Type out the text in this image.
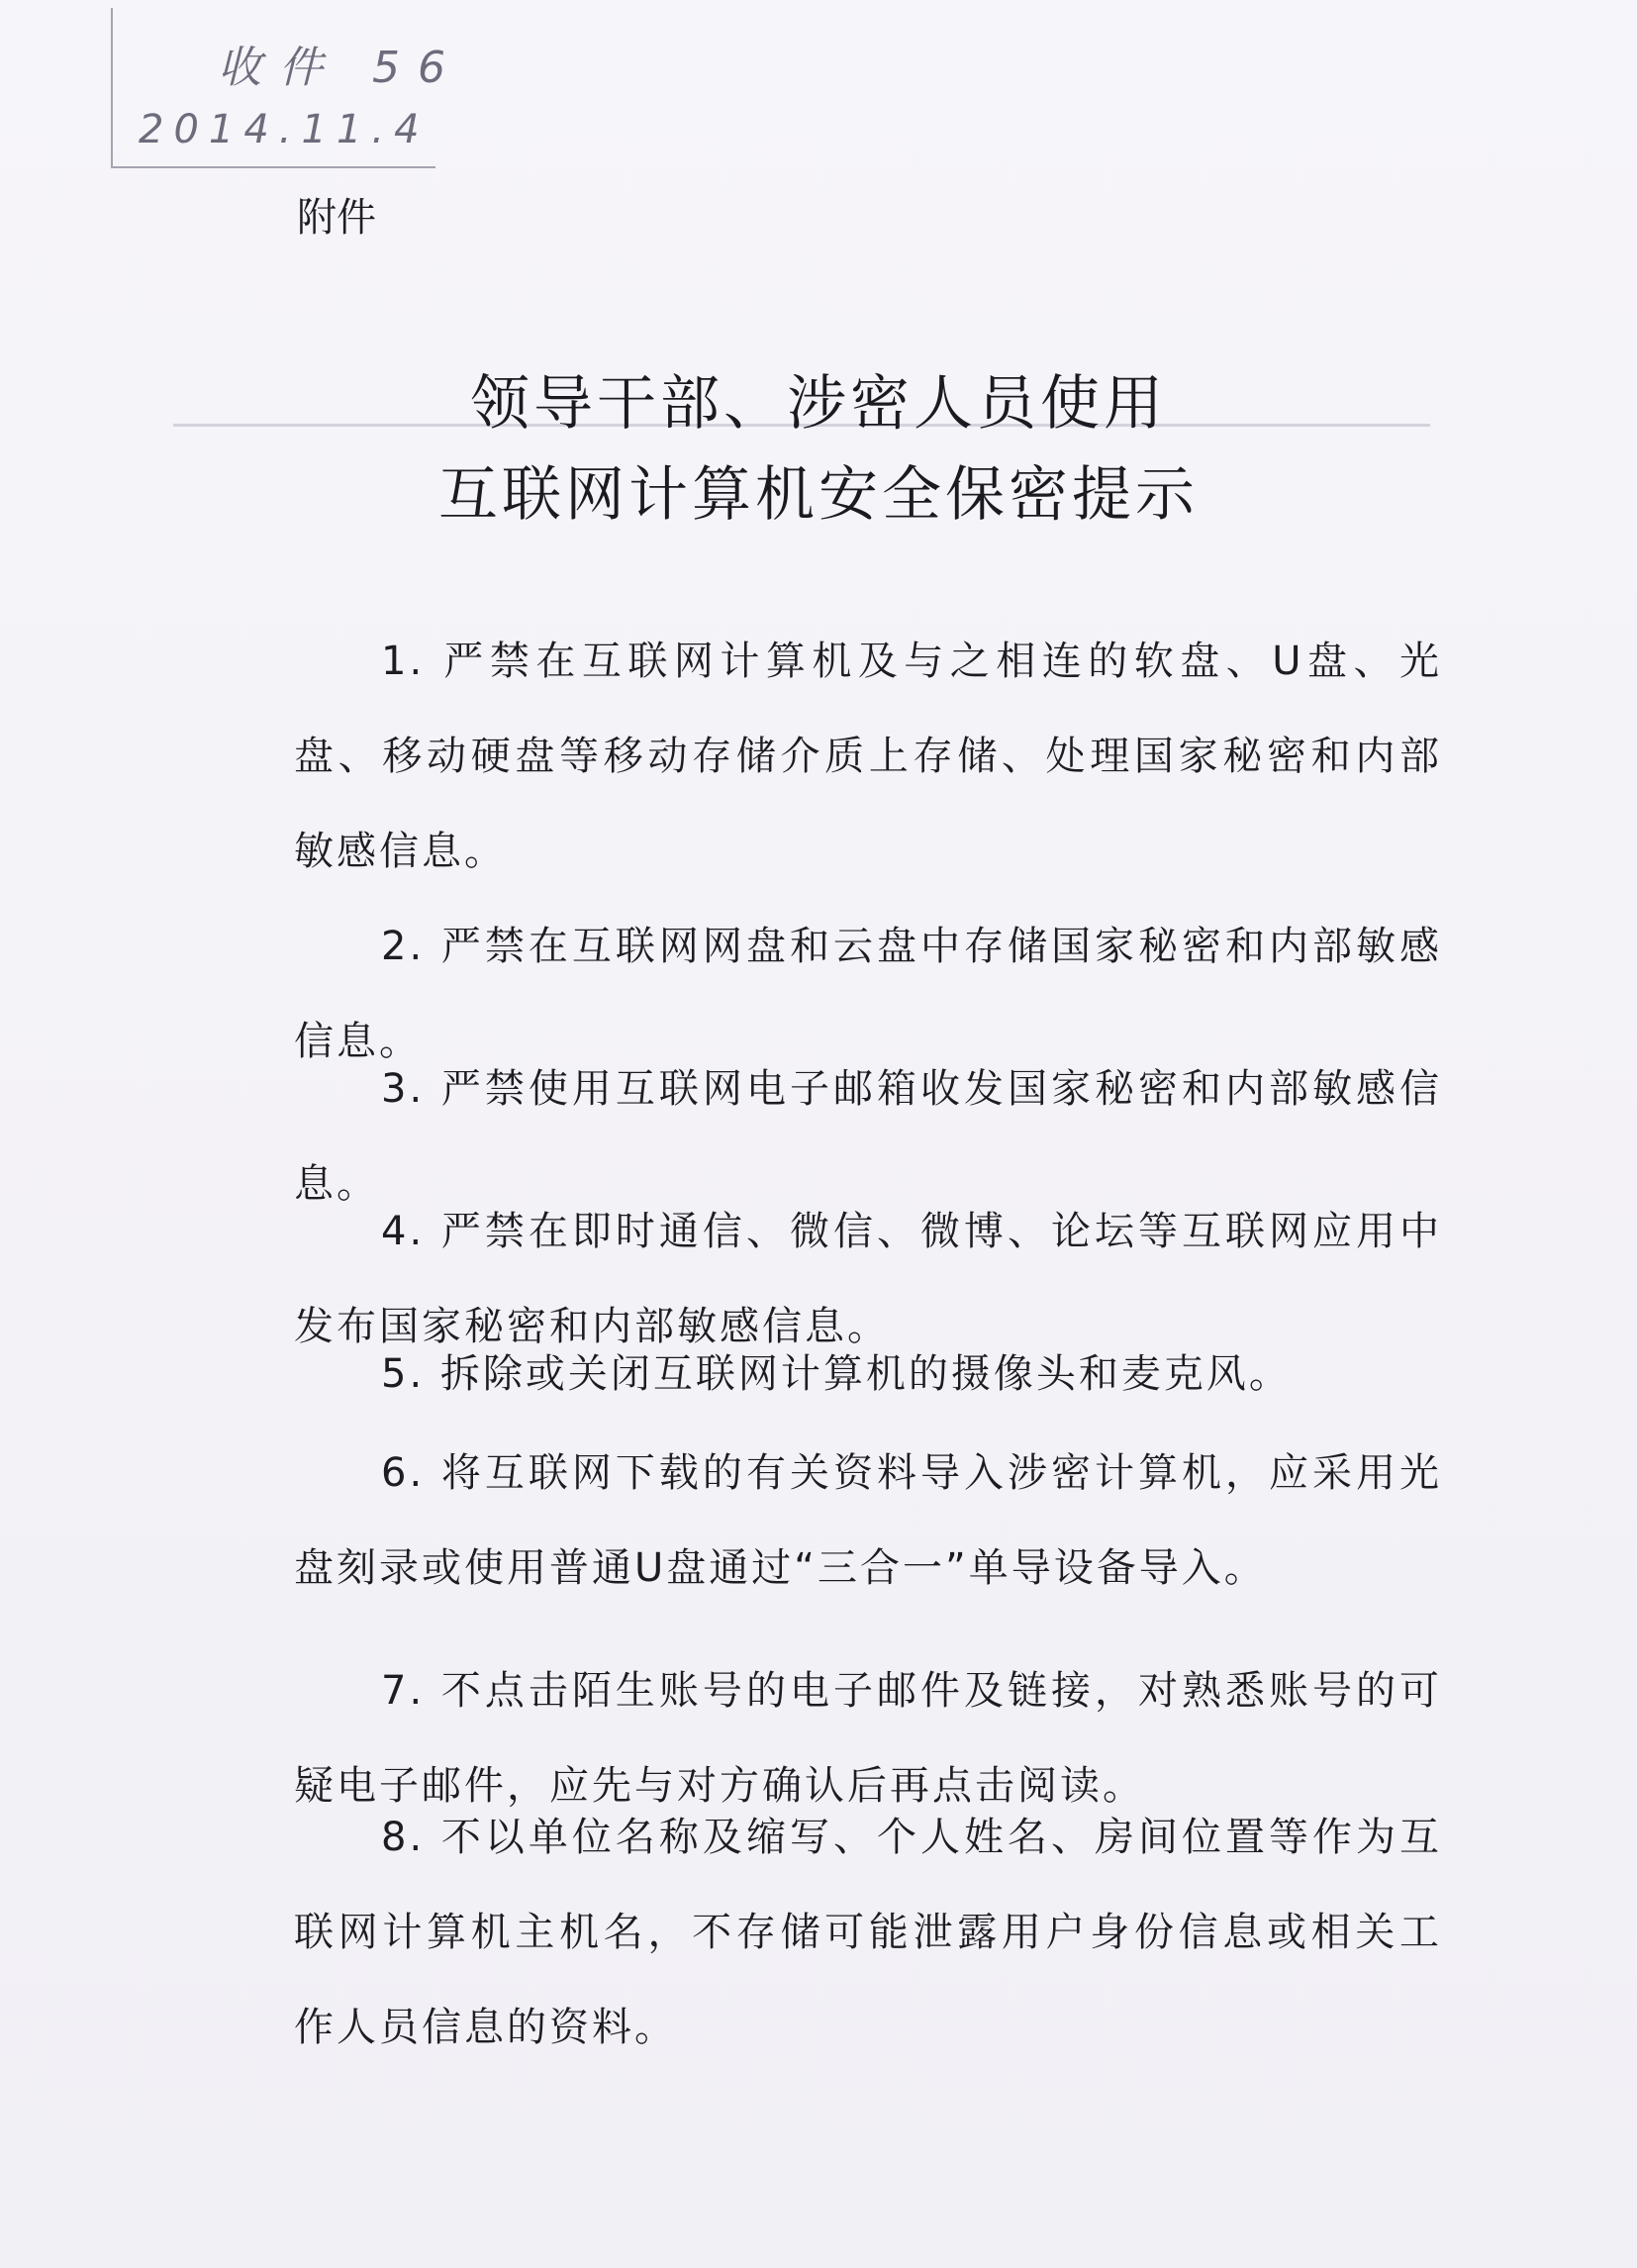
收件 56
2014.11.4
附件
领导干部、涉密人员使用
互联网计算机安全保密提示
1. 严禁在互联网计算机及与之相连的软盘、U盘、光盘、移动硬盘等移动存储介质上存储、处理国家秘密和内部敏感信息。
2. 严禁在互联网网盘和云盘中存储国家秘密和内部敏感信息。
3. 严禁使用互联网电子邮箱收发国家秘密和内部敏感信息。
4. 严禁在即时通信、微信、微博、论坛等互联网应用中发布国家秘密和内部敏感信息。
5. 拆除或关闭互联网计算机的摄像头和麦克风。
6. 将互联网下载的有关资料导入涉密计算机，应采用光盘刻录或使用普通U盘通过“三合一”单导设备导入。
7. 不点击陌生账号的电子邮件及链接，对熟悉账号的可疑电子邮件，应先与对方确认后再点击阅读。
8. 不以单位名称及缩写、个人姓名、房间位置等作为互联网计算机主机名，不存储可能泄露用户身份信息或相关工作人员信息的资料。
